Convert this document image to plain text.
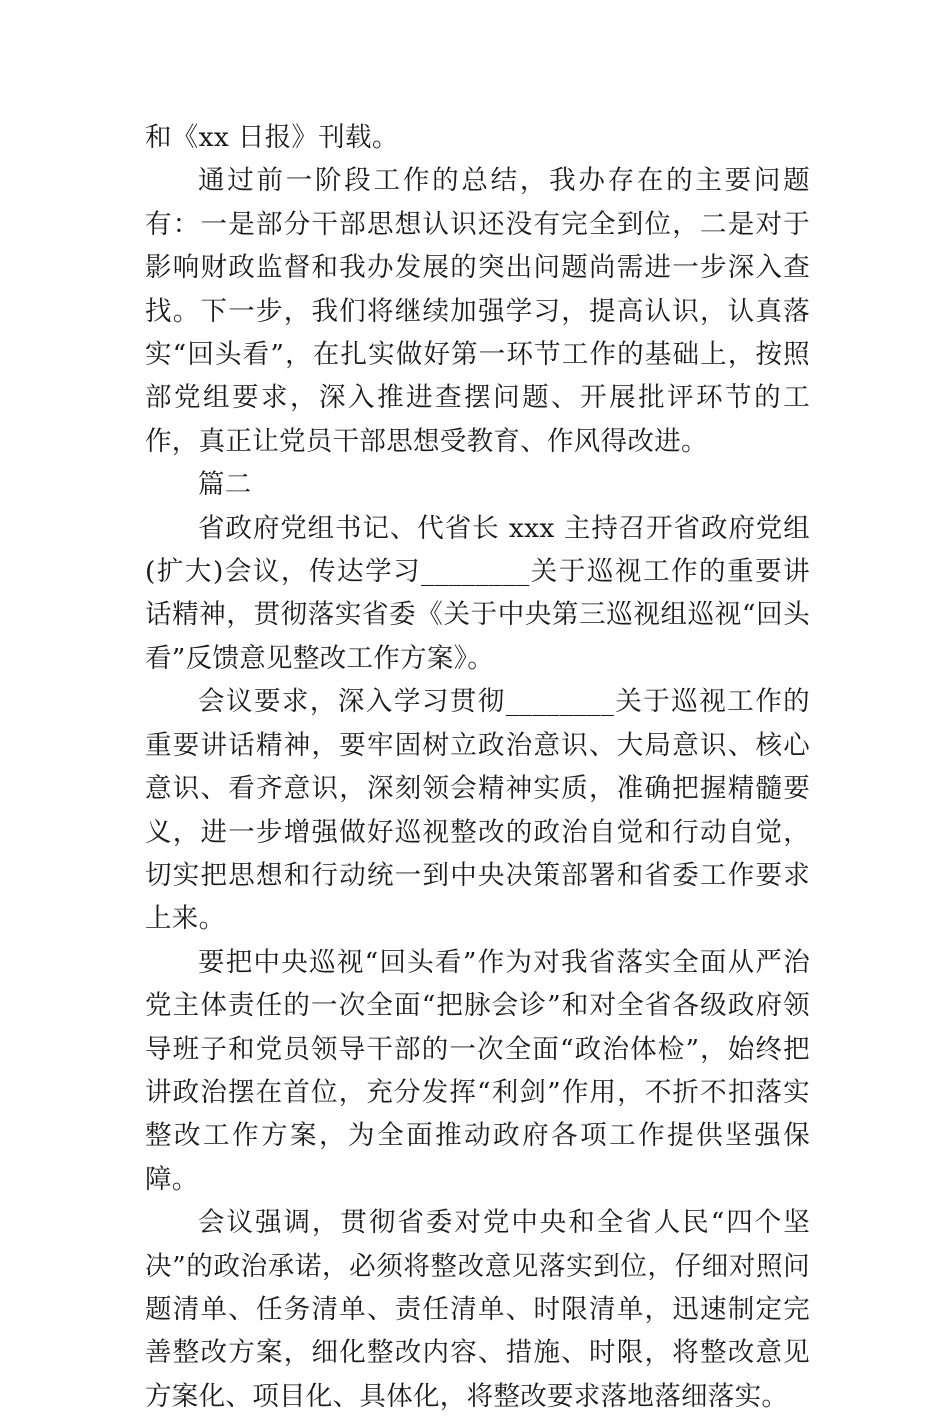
和《xx 日报》刊载。

通过前一阶段工作的总结，我办存在的主要问题有：一是部分干部思想认识还没有完全到位，二是对于影响财政监督和我办发展的突出问题尚需进一步深入查找。下一步，我们将继续加强学习，提高认识，认真落实“回头看”，在扎实做好第一环节工作的基础上，按照部党组要求，深入推进查摆问题、开展批评环节的工作，真正让党员干部思想受教育、作风得改进。

篇二

省政府党组书记、代省长 xxx 主持召开省政府党组(扩大)会议，传达学习________关于巡视工作的重要讲话精神，贯彻落实省委《关于中央第三巡视组巡视“回头看”反馈意见整改工作方案》。

会议要求，深入学习贯彻________关于巡视工作的重要讲话精神，要牢固树立政治意识、大局意识、核心意识、看齐意识，深刻领会精神实质，准确把握精髓要义，进一步增强做好巡视整改的政治自觉和行动自觉，切实把思想和行动统一到中央决策部署和省委工作要求上来。

要把中央巡视“回头看”作为对我省落实全面从严治党主体责任的一次全面“把脉会诊”和对全省各级政府领导班子和党员领导干部的一次全面“政治体检”，始终把讲政治摆在首位，充分发挥“利剑”作用，不折不扣落实整改工作方案，为全面推动政府各项工作提供坚强保障。

会议强调，贯彻省委对党中央和全省人民“四个坚决”的政治承诺，必须将整改意见落实到位，仔细对照问题清单、任务清单、责任清单、时限清单，迅速制定完善整改方案，细化整改内容、措施、时限，将整改意见方案化、项目化、具体化，将整改要求落地落细落实。
